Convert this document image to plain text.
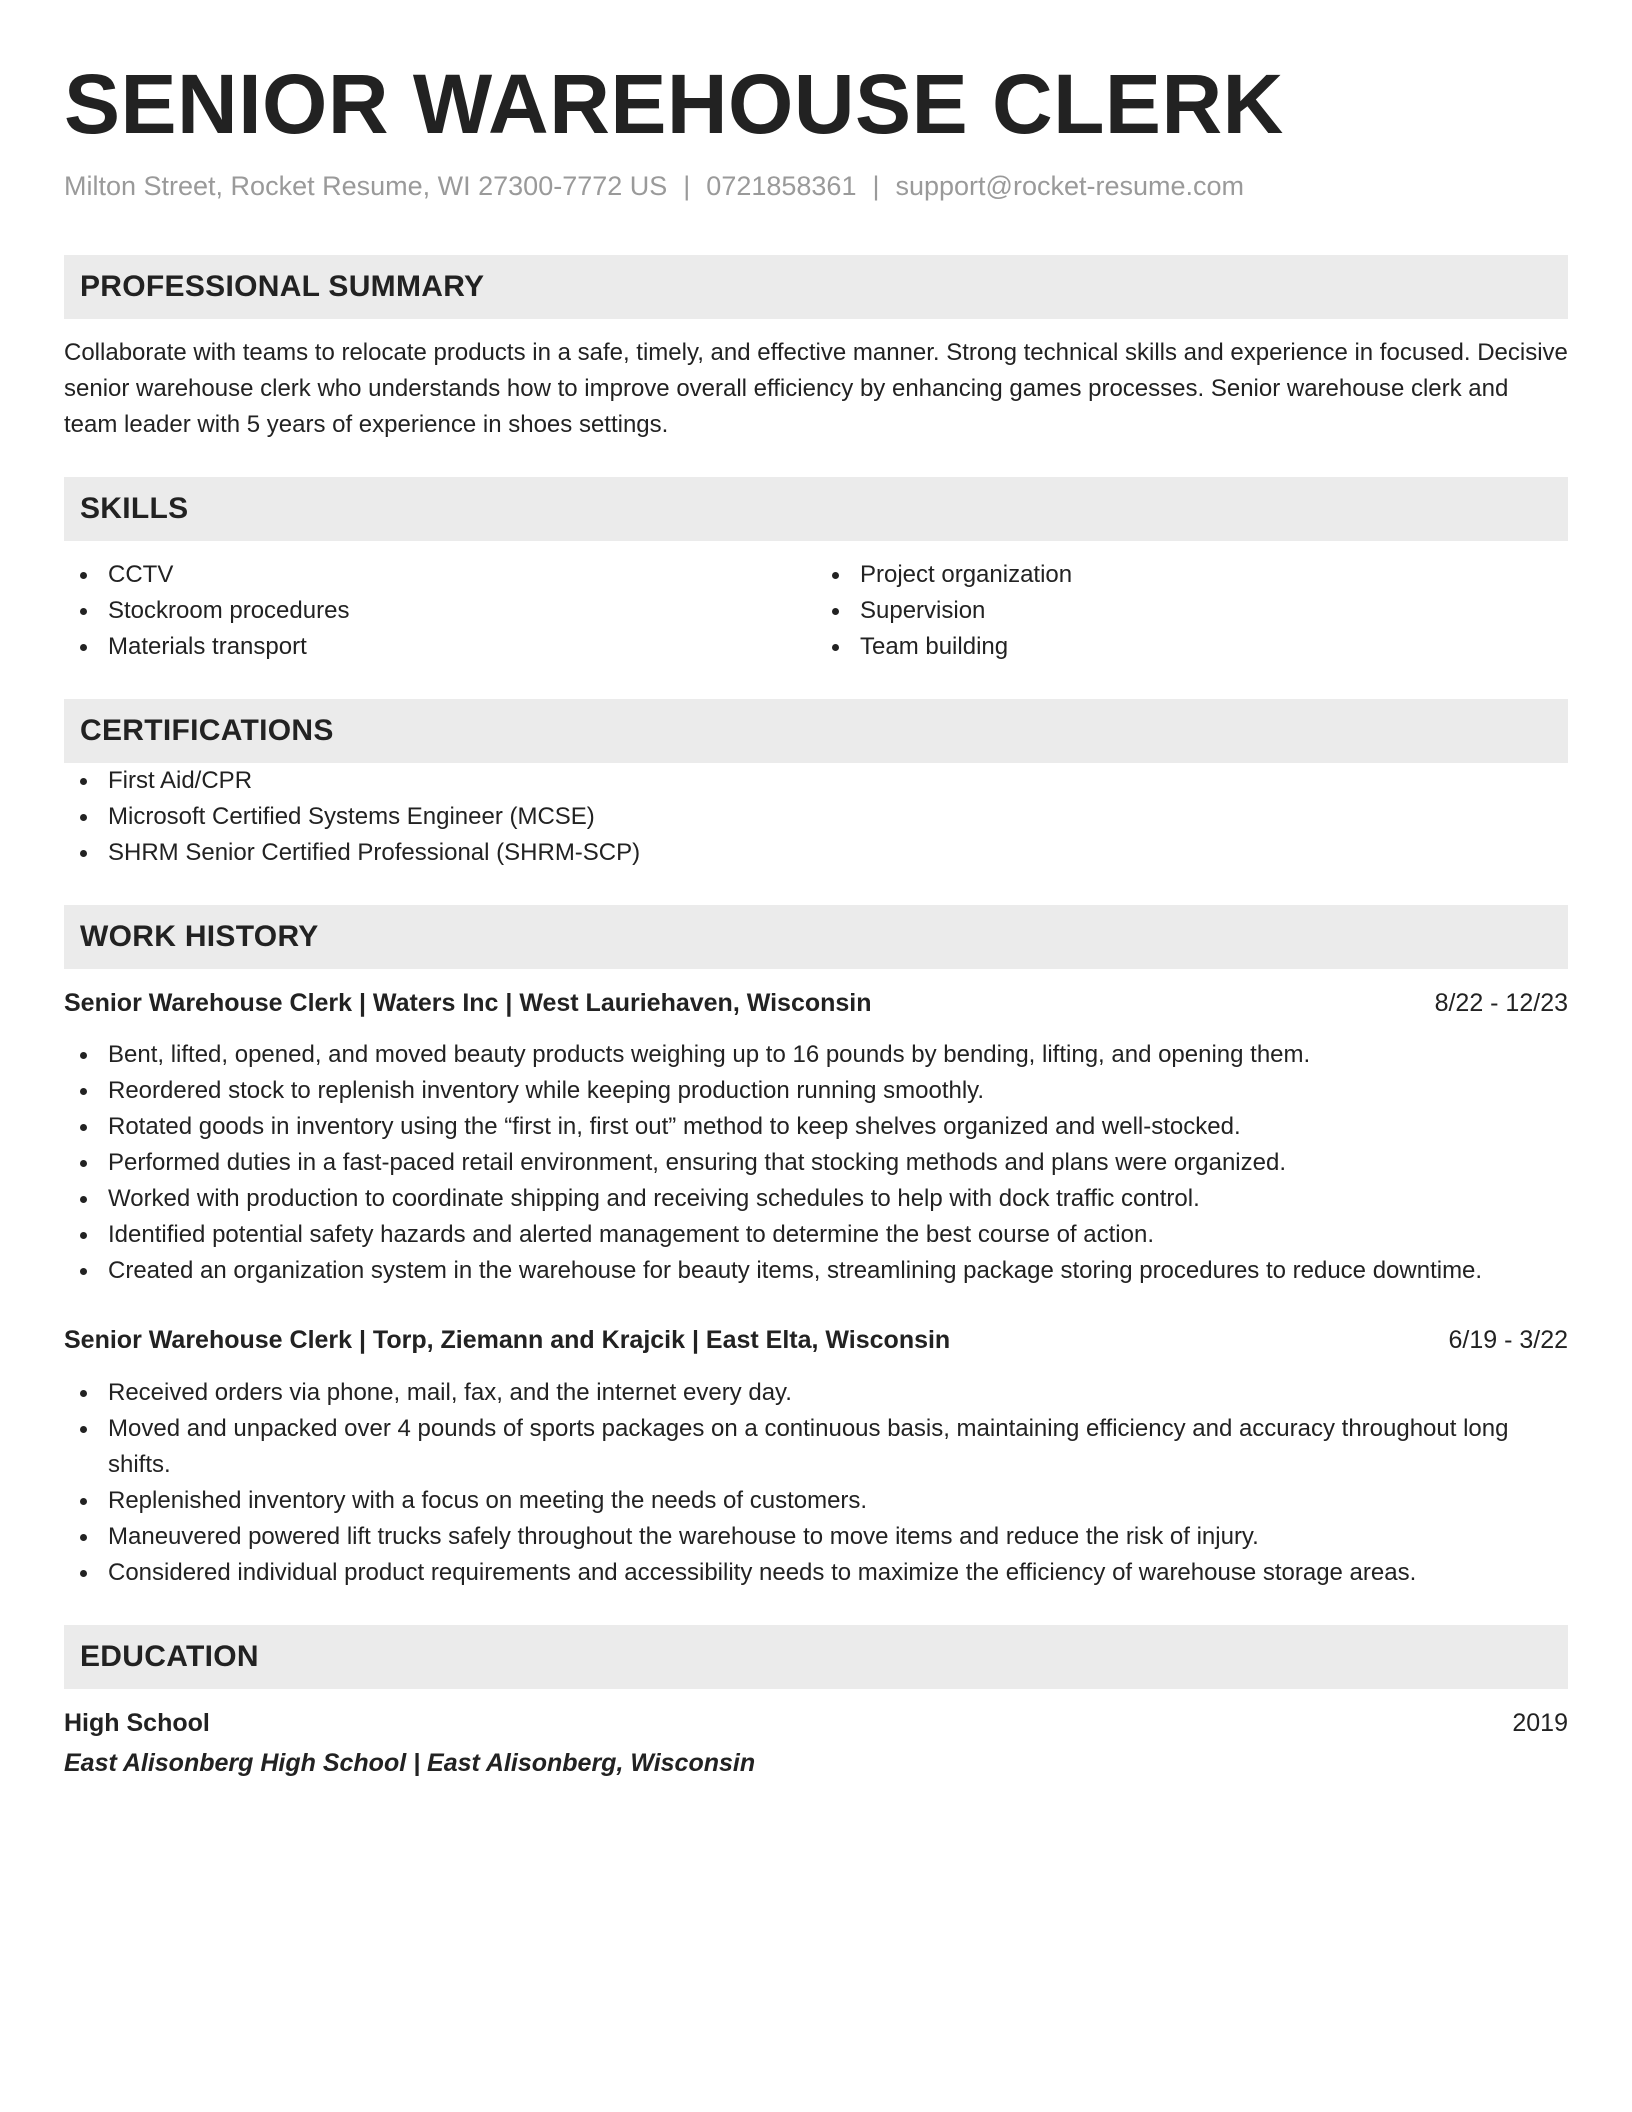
SENIOR WAREHOUSE CLERK
Milton Street, Rocket Resume, WI 27300-7772 US | 0721858361 | support@rocket-resume.com
PROFESSIONAL SUMMARY

Collaborate with teams to relocate products in a safe, timely, and effective manner. Strong technical skills and experience in focused. Decisive senior warehouse clerk who understands how to improve overall efficiency by enhancing games processes. Senior warehouse clerk and team leader with 5 years of experience in shoes settings.

SKILLS
CCTV
Stockroom procedures
Materials transport
Project organization
Supervision
Team building
CERTIFICATIONS
First Aid/CPR
Microsoft Certified Systems Engineer (MCSE)
SHRM Senior Certified Professional (SHRM-SCP)
WORK HISTORY
Senior Warehouse Clerk | Waters Inc | West Lauriehaven, Wisconsin	8/22 - 12/23
Bent, lifted, opened, and moved beauty products weighing up to 16 pounds by bending, lifting, and opening them.
Reordered stock to replenish inventory while keeping production running smoothly.
Rotated goods in inventory using the “first in, first out” method to keep shelves organized and well-stocked.
Performed duties in a fast-paced retail environment, ensuring that stocking methods and plans were organized.
Worked with production to coordinate shipping and receiving schedules to help with dock traffic control.
Identified potential safety hazards and alerted management to determine the best course of action.
Created an organization system in the warehouse for beauty items, streamlining package storing procedures to reduce downtime.
Senior Warehouse Clerk | Torp, Ziemann and Krajcik | East Elta, Wisconsin	6/19 - 3/22
Received orders via phone, mail, fax, and the internet every day.
Moved and unpacked over 4 pounds of sports packages on a continuous basis, maintaining efficiency and accuracy throughout long shifts.
Replenished inventory with a focus on meeting the needs of customers.
Maneuvered powered lift trucks safely throughout the warehouse to move items and reduce the risk of injury.
Considered individual product requirements and accessibility needs to maximize the efficiency of warehouse storage areas.
EDUCATION
High School	2019
East Alisonberg High School | East Alisonberg, Wisconsin
